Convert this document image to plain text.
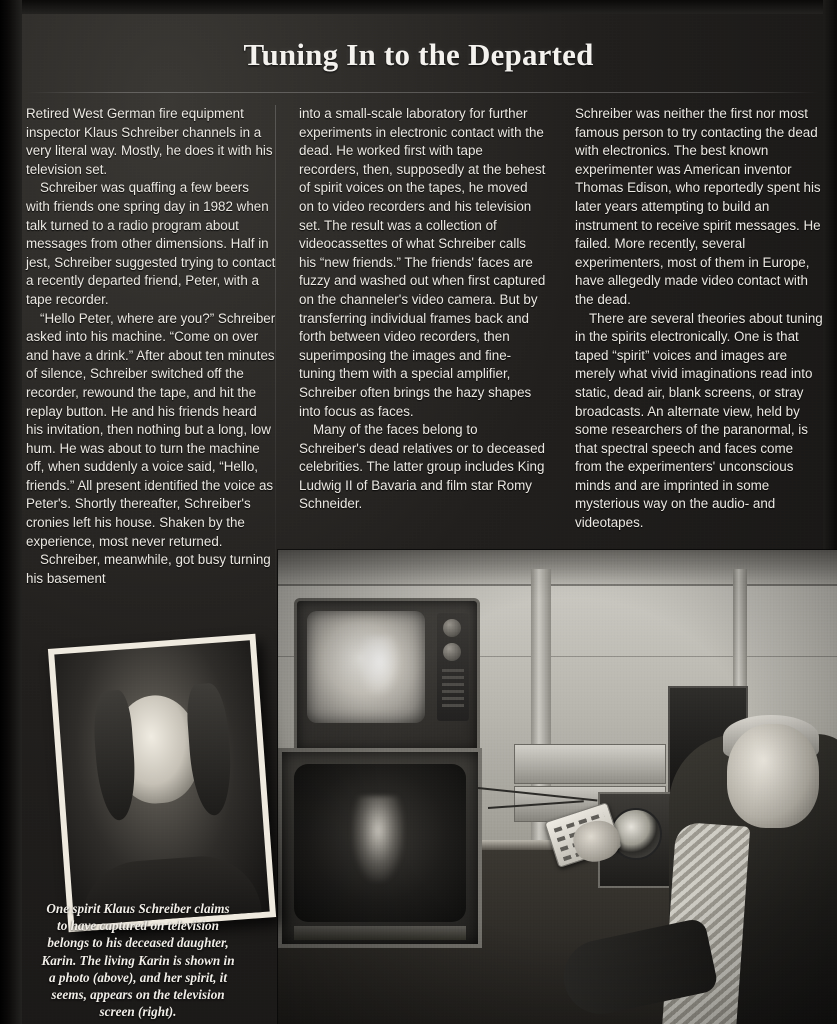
Tuning In to the Departed

Retired West German fire equipment inspector Klaus Schreiber channels in a very literal way. Mostly, he does it with his television set.

Schreiber was quaffing a few beers with friends one spring day in 1982 when talk turned to a radio program about messages from other dimensions. Half in jest, Schreiber suggested trying to contact a recently departed friend, Peter, with a tape recorder.

“Hello Peter, where are you?” Schreiber asked into his machine. “Come on over and have a drink.” After about ten minutes of silence, Schreiber switched off the recorder, rewound the tape, and hit the replay button. He and his friends heard his invitation, then nothing but a long, low hum. He was about to turn the machine off, when suddenly a voice said, “Hello, friends.” All present identified the voice as Peter's. Shortly thereafter, Schreiber's cronies left his house. Shaken by the experience, most never returned.

Schreiber, meanwhile, got busy turning his basement

into a small-scale laboratory for further experiments in electronic contact with the dead. He worked first with tape recorders, then, supposedly at the behest of spirit voices on the tapes, he moved on to video recorders and his television set. The result was a collection of videocassettes of what Schreiber calls his “new friends.” The friends' faces are fuzzy and washed out when first captured on the channeler's video camera. But by transferring individual frames back and forth between video recorders, then superimposing the images and fine-tuning them with a special amplifier, Schreiber often brings the hazy shapes into focus as faces.

Many of the faces belong to Schreiber's dead relatives or to deceased celebrities. The latter group includes King Ludwig II of Bavaria and film star Romy Schneider.

Schreiber was neither the first nor most famous person to try contacting the dead with electronics. The best known experimenter was American inventor Thomas Edison, who reportedly spent his later years attempting to build an instrument to receive spirit messages. He failed. More recently, several experimenters, most of them in Europe, have allegedly made video contact with the dead.

There are several theories about tuning in the spirits electronically. One is that taped “spirit” voices and images are merely what vivid imaginations read into static, dead air, blank screens, or stray broadcasts. An alternate view, held by some researchers of the paranormal, is that spectral speech and faces come from the experimenters' unconscious minds and are imprinted in some mysterious way on the audio- and videotapes.

One spirit Klaus Schreiber claims to have captured on television belongs to his deceased daughter, Karin. The living Karin is shown in a photo (above), and her spirit, it seems, appears on the television screen (right).
